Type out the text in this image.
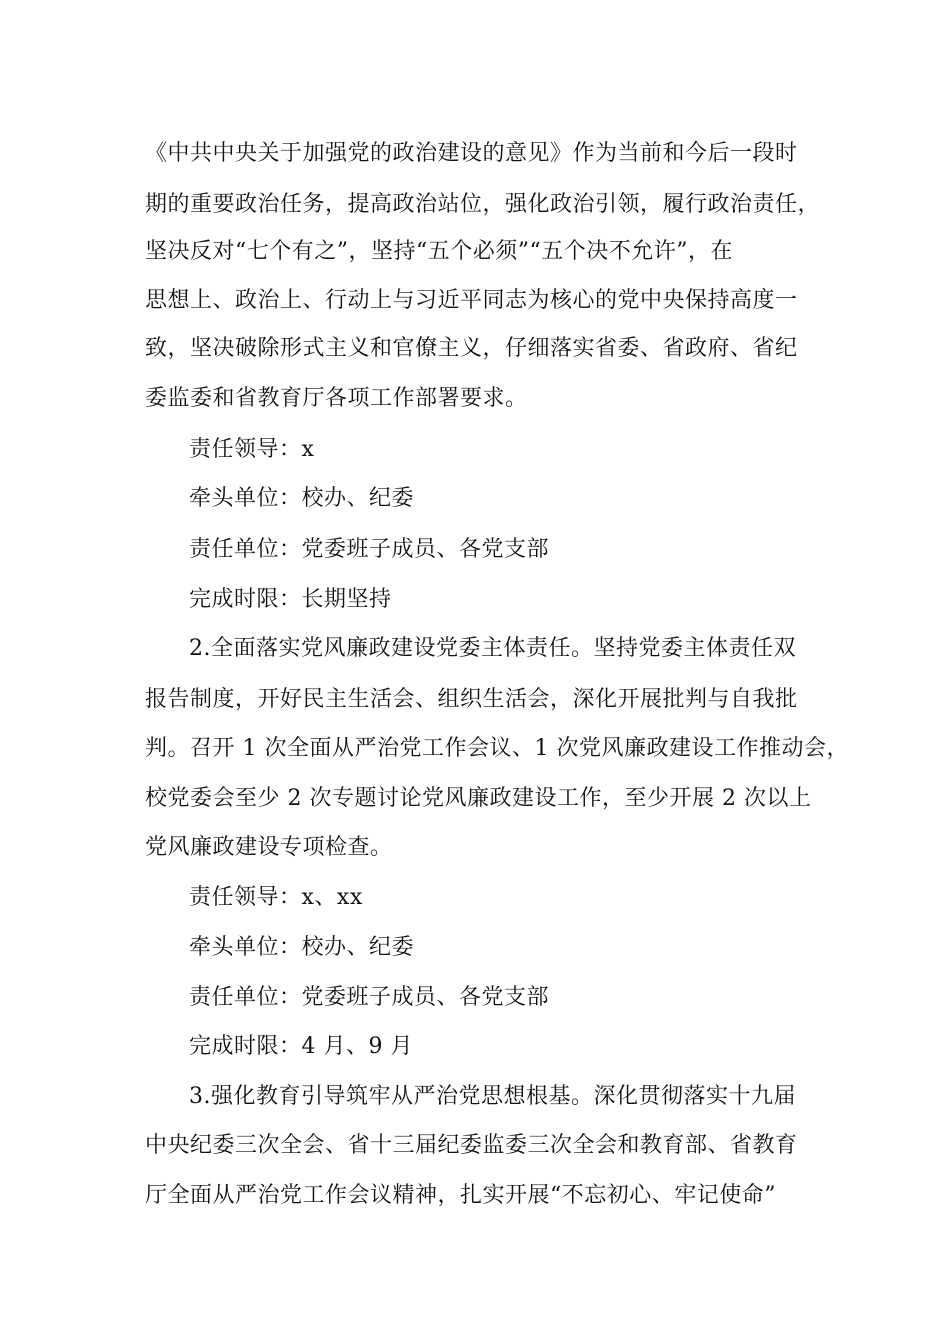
《中共中央关于加强党的政治建设的意见》作为当前和今后一段时
期的重要政治任务，提高政治站位，强化政治引领，履行政治责任，
坚决反对“七个有之”，坚持“五个必须”“五个决不允许”，在
思想上、政治上、行动上与习近平同志为核心的党中央保持高度一
致，坚决破除形式主义和官僚主义，仔细落实省委、省政府、省纪
委监委和省教育厅各项工作部署要求。
责任领导：x
牵头单位：校办、纪委
责任单位：党委班子成员、各党支部
完成时限：长期坚持
2.全面落实党风廉政建设党委主体责任。坚持党委主体责任双
报告制度，开好民主生活会、组织生活会，深化开展批判与自我批
判。召开 1 次全面从严治党工作会议、1 次党风廉政建设工作推动会，
校党委会至少 2 次专题讨论党风廉政建设工作，至少开展 2 次以上
党风廉政建设专项检查。
责任领导：x、xx
牵头单位：校办、纪委
责任单位：党委班子成员、各党支部
完成时限：4 月、9 月
3.强化教育引导筑牢从严治党思想根基。深化贯彻落实十九届
中央纪委三次全会、省十三届纪委监委三次全会和教育部、省教育
厅全面从严治党工作会议精神，扎实开展“不忘初心、牢记使命”
